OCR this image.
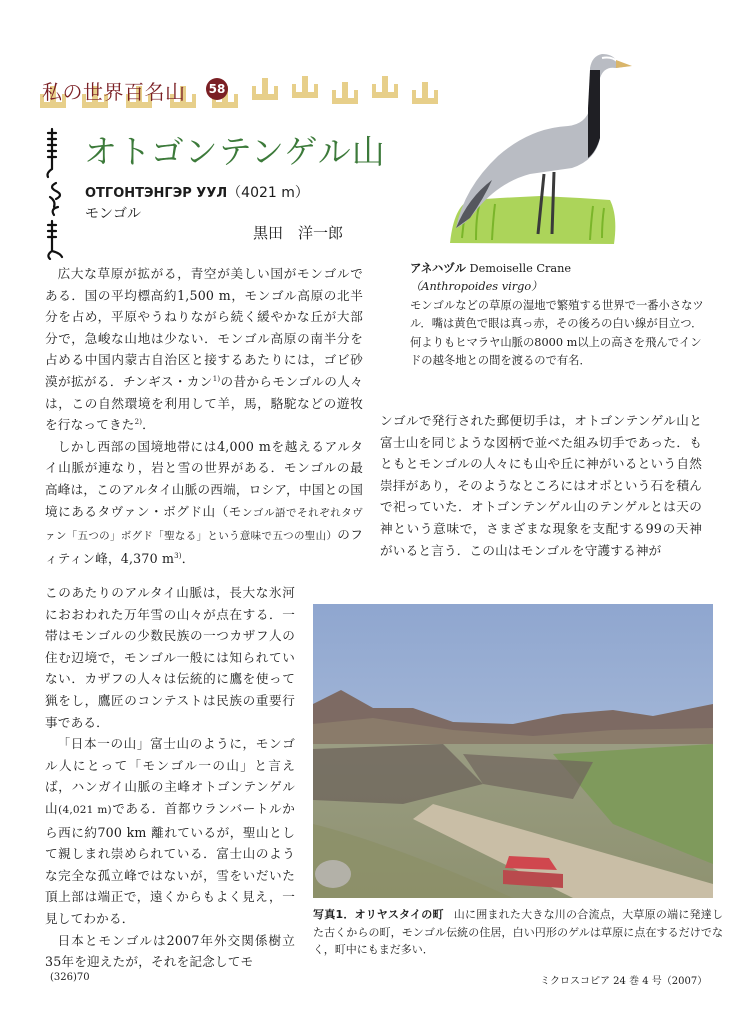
私の世界百名山 58
オトゴンテンゲル山
ОТГОНТЭНГЭР УУЛ（4021 m）
モンゴル
黒田　洋一郎
アネハヅル Demoiselle Crane
（Anthropoides virgo）
モンゴルなどの草原の湿地で繁殖する世界で一番小さなツル．嘴は黄色で眼は真っ赤，その後ろの白い線が目立つ．何よりもヒマラヤ山脈の8000 m以上の高さを飛んでインドの越冬地との間を渡るので有名．

広大な草原が拡がる，青空が美しい国がモンゴルである．国の平均標高約1,500 m，モンゴル高原の北半分を占め，平原やうねりながら続く緩やかな丘が大部分で，急峻な山地は少ない．モンゴル高原の南半分を占める中国内蒙古自治区と接するあたりには，ゴビ砂漠が拡がる．チンギス・カン$^{1)}$の昔からモンゴルの人々は，この自然環境を利用して羊，馬，駱駝などの遊牧を行なってきた$^{2)}$．

しかし西部の国境地帯には4,000 mを越えるアルタイ山脈が連なり，岩と雪の世界がある．モンゴルの最高峰は，このアルタイ山脈の西端，ロシア，中国との国境にあるタヴァン・ボグド山（モンゴル語でそれぞれタヴァン「五つの」ボグド「聖なる」という意味で五つの聖山）のフィティン峰，4,370 $m^{3)}$．

このあたりのアルタイ山脈は，長大な氷河におおわれた万年雪の山々が点在する．一帯はモンゴルの少数民族の一つカザフ人の住む辺境で，モンゴル一般には知られていない．カザフの人々は伝統的に鷹を使って猟をし，鷹匠のコンテストは民族の重要行事である．

「日本一の山」富士山のように，モンゴル人にとって「モンゴル一の山」と言えば，ハンガイ山脈の主峰オトゴンテンゲル山(4,021 m)である．首都ウランバートルから西に約700 km 離れているが，聖山として親しまれ崇められている．富士山のような完全な孤立峰ではないが，雪をいだいた頂上部は端正で，遠くからもよく見え，一見してわかる．

日本とモンゴルは2007年外交関係樹立35年を迎えたが，それを記念してモ

ンゴルで発行された郵便切手は，オトゴンテンゲル山と富士山を同じような図柄で並べた組み切手であった．もともとモンゴルの人々にも山や丘に神がいるという自然崇拝があり，そのようなところにはオボという石を積んで祀っていた．オトゴンテンゲル山のテンゲルとは天の神という意味で，さまざまな現象を支配する99の天神がいると言う．この山はモンゴルを守護する神が

写真1．オリヤスタイの町 山に囲まれた大きな川の合流点，大草原の端に発達した古くからの町，モンゴル伝統の住居，白い円形のゲルは草原に点在するだけでなく，町中にもまだ多い．
(326)70	ミクロスコピア 24 巻 4 号（2007）
